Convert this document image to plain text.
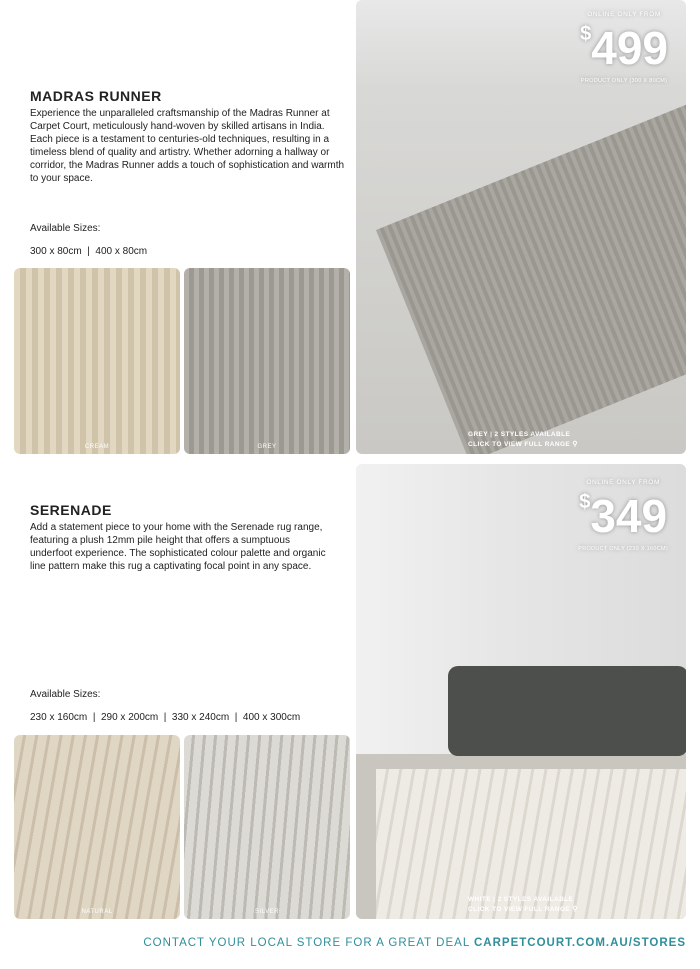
MADRAS RUNNER

Experience the unparalleled craftsmanship of the Madras Runner at Carpet Court, meticulously hand-woven by skilled artisans in India. Each piece is a testament to centuries-old techniques, resulting in a timeless blend of quality and artistry. Whether adorning a hallway or corridor, the Madras Runner adds a touch of sophistication and warmth to your space.

Available Sizes:
300 x 80cm  |  400 x 80cm
CREAM	GREY
ONLINE ONLY FROM
$499
PRODUCT ONLY (300 X 80CM)
GREY | 2 STYLES AVAILABLE
CLICK TO VIEW FULL RANGE ⚲
SERENADE

Add a statement piece to your home with the Serenade rug range, featuring a plush 12mm pile height that offers a sumptuous underfoot experience. The sophisticated colour palette and organic line pattern make this rug a captivating focal point in any space.

Available Sizes:
230 x 160cm  |  290 x 200cm  |  330 x 240cm  |  400 x 300cm
NATURAL	SILVER
ONLINE ONLY FROM
$349
PRODUCT ONLY (230 X 160CM)
WHITE | 2 STYLES AVAILABLE
CLICK TO VIEW FULL RANGE ⚲
CONTACT YOUR LOCAL STORE FOR A GREAT DEAL CARPETCOURT.COM.AU/STORES
